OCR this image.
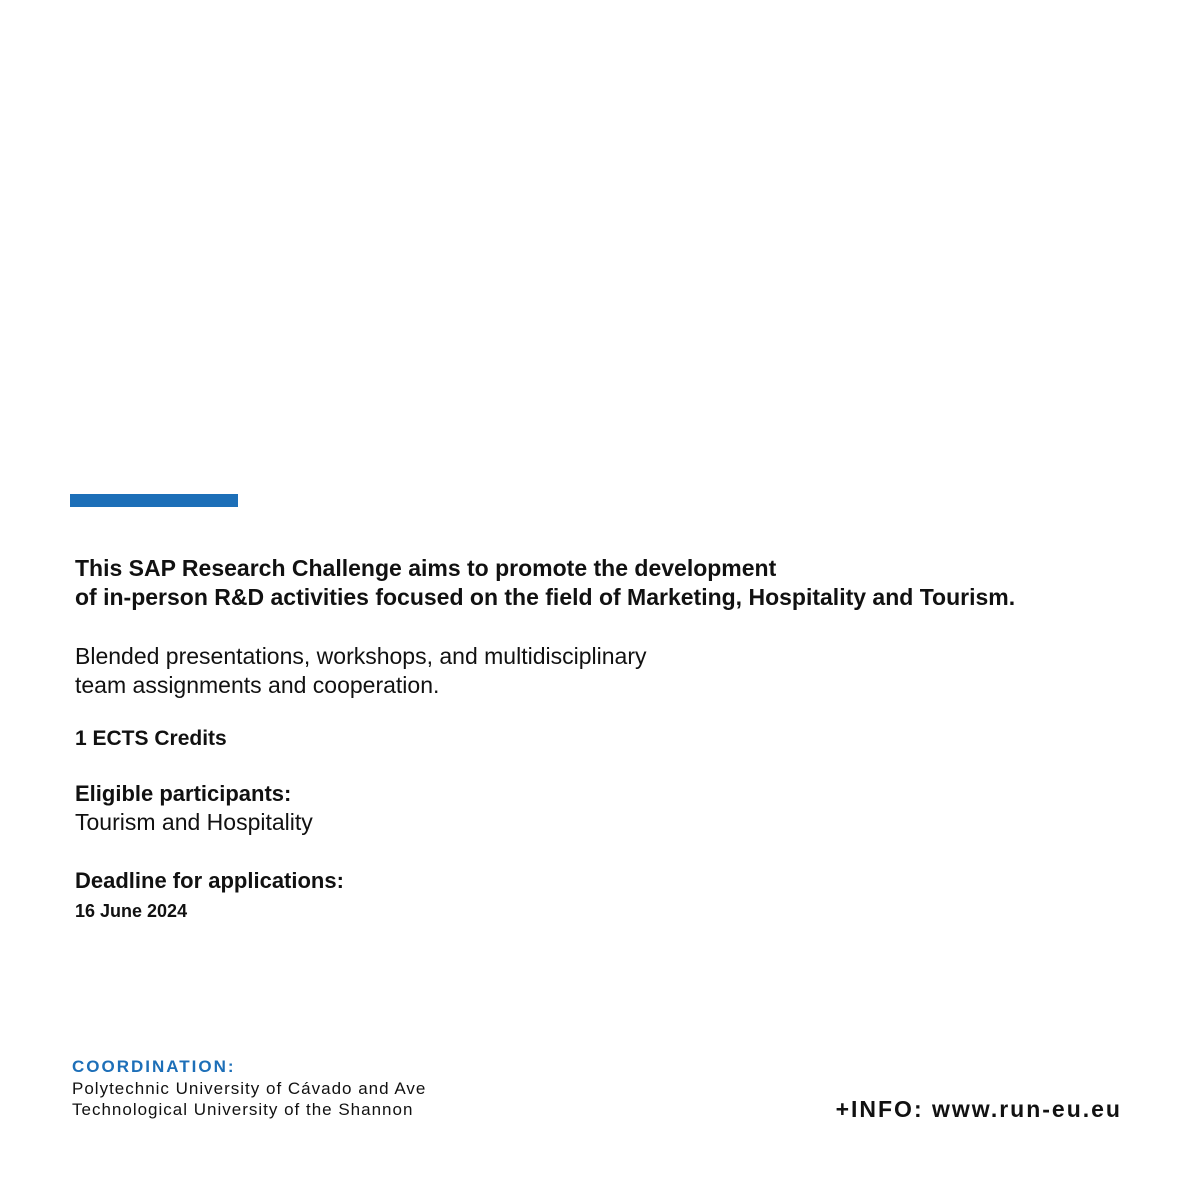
This SAP Research Challenge aims to promote the development
of in-person R&D activities focused on the field of Marketing, Hospitality and Tourism.
Blended presentations, workshops, and multidisciplinary
team assignments and cooperation.
1 ECTS Credits
Eligible participants:
Tourism and Hospitality
Deadline for applications:
16 June 2024
COORDINATION:
Polytechnic University of Cávado and Ave
Technological University of the Shannon	+INFO: www.run-eu.eu
